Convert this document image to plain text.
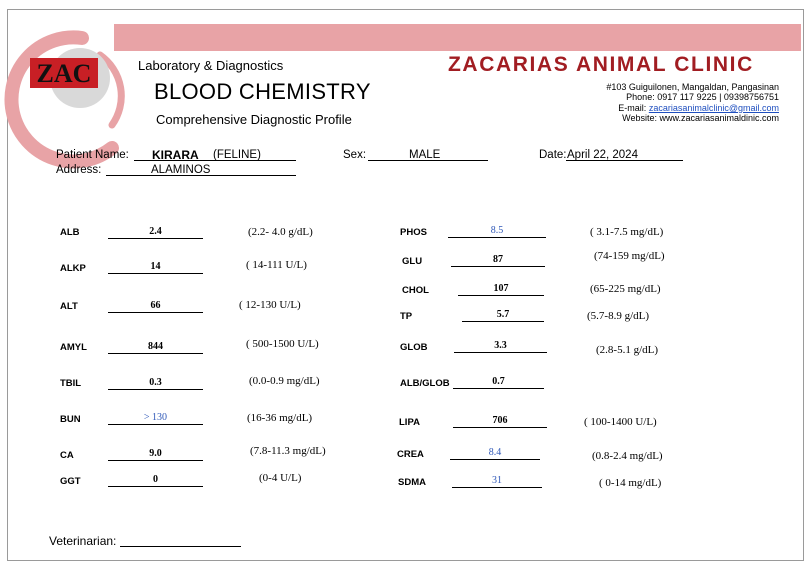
ZAC	Laboratory & Diagnostics
BLOOD CHEMISTRY
Comprehensive Diagnostic Profile
ZACARIAS ANIMAL CLINIC
#103 Guiguilonen, Mangaldan, Pangasinan
Phone: 0917 117 9225 | 09398756751
E-mail: zacariasanimalclinic@gmail.com
Website: www.zacariasanimaldinic.com
Patient Name: KIRARA (FELINE)	Sex:	MALE	Date: April 22, 2024
Address:	ALAMINOS
ALB	2.4	(2.2- 4.0 g/dL)
ALKP	14	( 14-111 U/L)
ALT	66	( 12-130 U/L)
AMYL	844	( 500-1500 U/L)
TBIL	0.3	(0.0-0.9 mg/dL)
BUN	> 130	(16-36 mg/dL)
CA	9.0	(7.8-11.3 mg/dL)
GGT	0	(0-4 U/L)
PHOS	8.5	( 3.1-7.5 mg/dL)
GLU	87	(74-159 mg/dL)
CHOL	107	(65-225 mg/dL)
TP	5.7	(5.7-8.9 g/dL)
GLOB	3.3	(2.8-5.1 g/dL)
ALB/GLOB	0.7
LIPA	706	( 100-1400 U/L)
CREA	8.4	(0.8-2.4 mg/dL)
SDMA	31	( 0-14 mg/dL)
Veterinarian:
